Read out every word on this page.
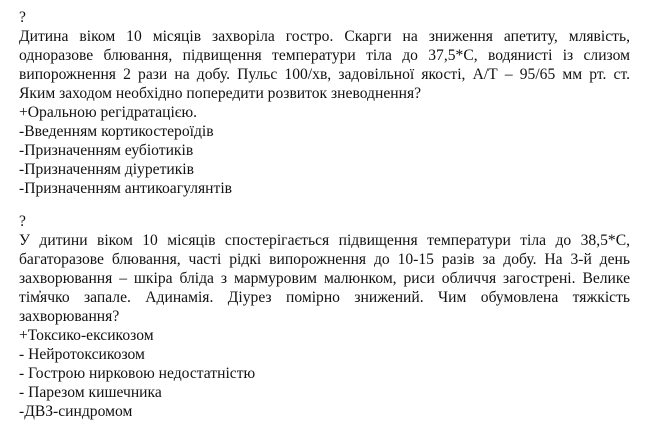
?
Дитина віком 10 місяців захворіла гостро. Скарги на зниження апетиту, млявість,
одноразове блювання, підвищення температури тіла до 37,5*С, водянисті із слизом
випорожнення 2 рази на добу. Пульс 100/хв, задовільної якості, А/Т – 95/65 мм рт. ст.
Яким заходом необхідно попередити розвиток зневоднення?
+Оральною регідратацією.
-Введенням кортикостероїдів
-Призначенням еубіотиків
-Призначенням діуретиків
-Призначенням антикоагулянтів
?
У дитини віком 10 місяців спостерігається підвищення температури тіла до 38,5*С,
багаторазове блювання, часті рідкі випорожнення до 10-15 разів за добу. На 3-й день
захворювання – шкіра бліда з мармуровим малюнком, риси обличчя загострені. Велике
тім̓ячко запале. Адинамія. Діурез помірно знижений. Чим обумовлена тяжкість
захворювання?
+Токсико-ексикозом
- Нейротоксикозом
- Гострою нирковою недостатністю
- Парезом кишечника
-ДВЗ-синдромом
